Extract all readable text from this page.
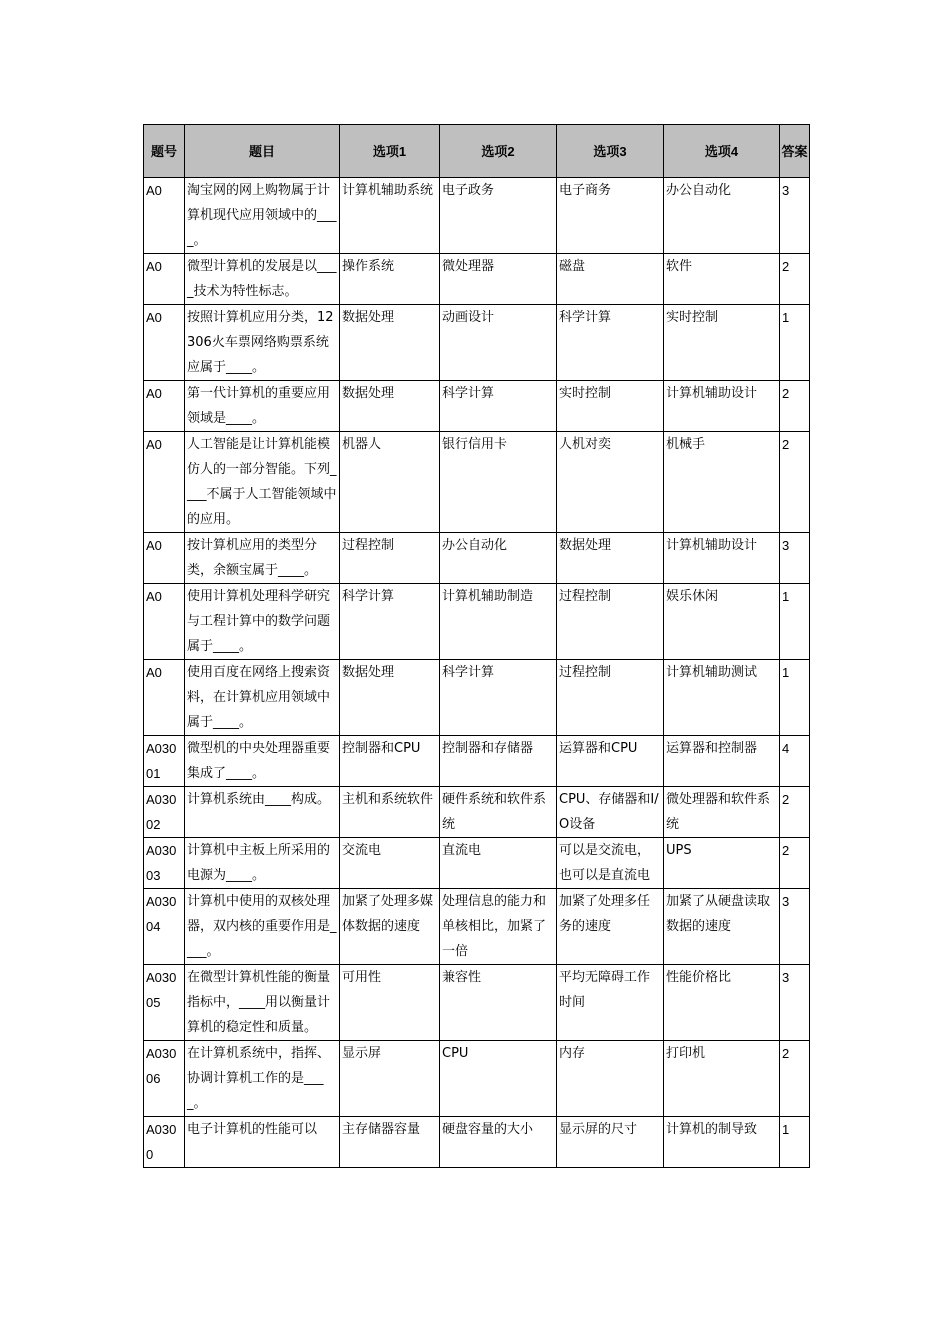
题号	题目	选项1	选项2	选项3	选项4	答案
A0	淘宝网的网上购物属于计算机现代应用领域中的____。	计算机辅助系统	电子政务	电子商务	办公自动化	3
A0	微型计算机的发展是以____技术为特性标志。	操作系统	微处理器	磁盘	软件	2
A0	按照计算机应用分类，12306火车票网络购票系统应属于____。	数据处理	动画设计	科学计算	实时控制	1
A0	第一代计算机的重要应用领域是____。	数据处理	科学计算	实时控制	计算机辅助设计	2
A0	人工智能是让计算机能模仿人的一部分智能。下列____不属于人工智能领域中的应用。	机器人	银行信用卡	人机对奕	机械手	2
A0	按计算机应用的类型分类，余额宝属于____。	过程控制	办公自动化	数据处理	计算机辅助设计	3
A0	使用计算机处理科学研究与工程计算中的数学问题属于____。	科学计算	计算机辅助制造	过程控制	娱乐休闲	1
A0	使用百度在网络上搜索资料，在计算机应用领域中属于____。	数据处理	科学计算	过程控制	计算机辅助测试	1
A03001	微型机的中央处理器重要集成了____。	控制器和CPU	控制器和存储器	运算器和CPU	运算器和控制器	4
A03002	计算机系统由____构成。	主机和系统软件	硬件系统和软件系统	CPU、存储器和I/O设备	微处理器和软件系统	2
A03003	计算机中主板上所采用的电源为____。	交流电	直流电	可以是交流电，也可以是直流电	UPS	2
A03004	计算机中使用的双核处理器，双内核的重要作用是____。	加紧了处理多媒体数据的速度	处理信息的能力和单核相比，加紧了一倍	加紧了处理多任务的速度	加紧了从硬盘读取数据的速度	3
A03005	在微型计算机性能的衡量指标中，____用以衡量计算机的稳定性和质量。	可用性	兼容性	平均无障碍工作时间	性能价格比	3
A03006	在计算机系统中，指挥、协调计算机工作的是____。	显示屏	CPU	内存	打印机	2
A0300	电子计算机的性能可以	主存储器容量	硬盘容量的大小	显示屏的尺寸	计算机的制导致	1
